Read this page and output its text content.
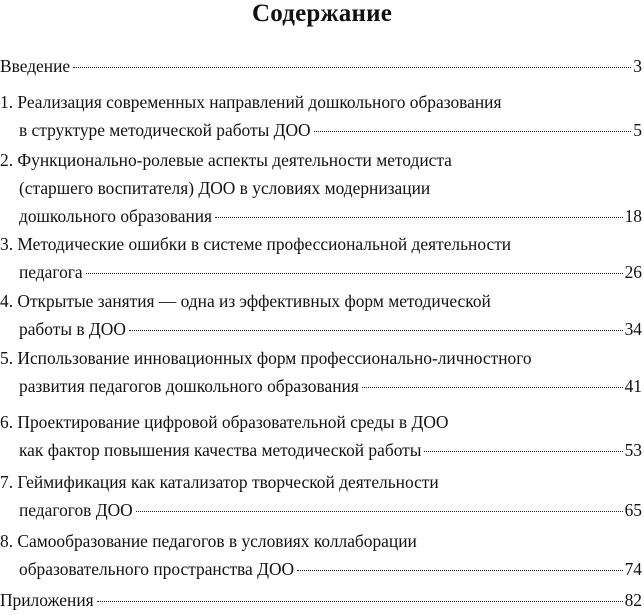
Содержание
Введение	3
1. Реализация современных направлений дошкольного образования
в структуре методической работы ДОО	5
2. Функционально-ролевые аспекты деятельности методиста
(старшего воспитателя) ДОО в условиях модернизации
дошкольного образования	18
3. Методические ошибки в системе профессиональной деятельности
педагога	26
4. Открытые занятия — одна из эффективных форм методической
работы в ДОО	34
5. Использование инновационных форм профессионально-личностного
развития педагогов дошкольного образования	41
6. Проектирование цифровой образовательной среды в ДОО
как фактор повышения качества методической работы	53
7. Геймификация как катализатор творческой деятельности
педагогов ДОО	65
8. Самообразование педагогов в условиях коллаборации
образовательного пространства ДОО	74
Приложения	82
